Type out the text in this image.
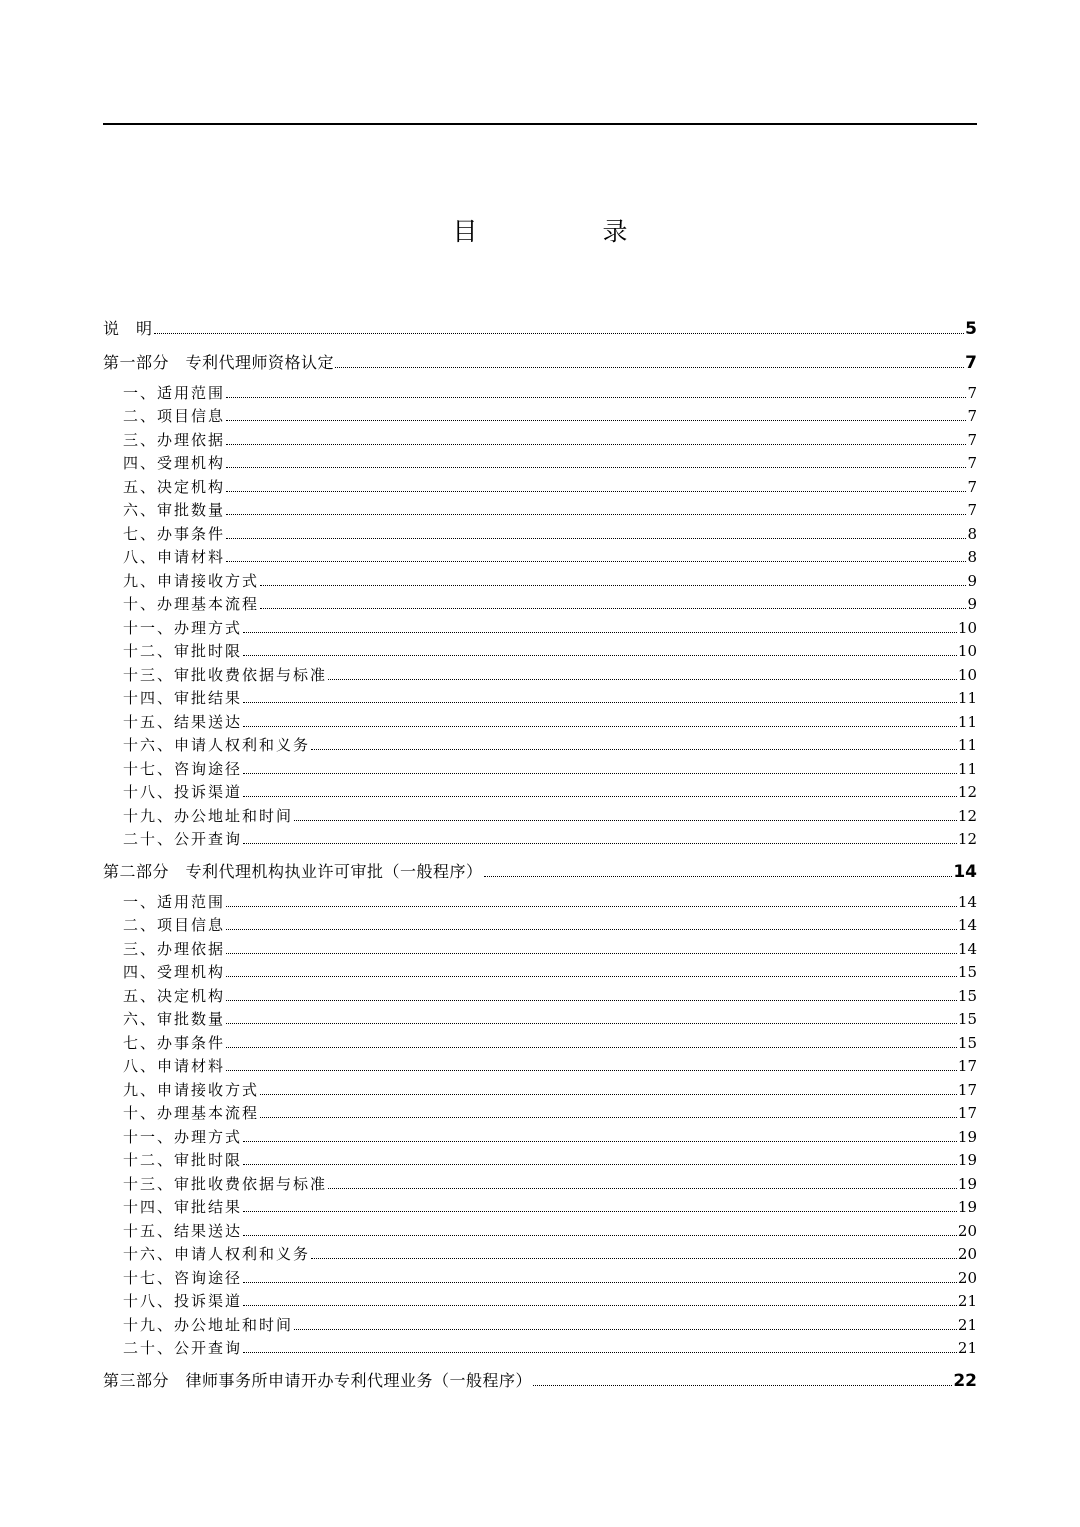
目　录
说　明	5
第一部分　专利代理师资格认定	7
一、适用范围	7
二、项目信息	7
三、办理依据	7
四、受理机构	7
五、决定机构	7
六、审批数量	7
七、办事条件	8
八、申请材料	8
九、申请接收方式	9
十、办理基本流程	9
十一、办理方式	10
十二、审批时限	10
十三、审批收费依据与标准	10
十四、审批结果	11
十五、结果送达	11
十六、申请人权利和义务	11
十七、咨询途径	11
十八、投诉渠道	12
十九、办公地址和时间	12
二十、公开查询	12
第二部分　专利代理机构执业许可审批（一般程序）	14
一、适用范围	14
二、项目信息	14
三、办理依据	14
四、受理机构	15
五、决定机构	15
六、审批数量	15
七、办事条件	15
八、申请材料	17
九、申请接收方式	17
十、办理基本流程	17
十一、办理方式	19
十二、审批时限	19
十三、审批收费依据与标准	19
十四、审批结果	19
十五、结果送达	20
十六、申请人权利和义务	20
十七、咨询途径	20
十八、投诉渠道	21
十九、办公地址和时间	21
二十、公开查询	21
第三部分　律师事务所申请开办专利代理业务（一般程序）	22
